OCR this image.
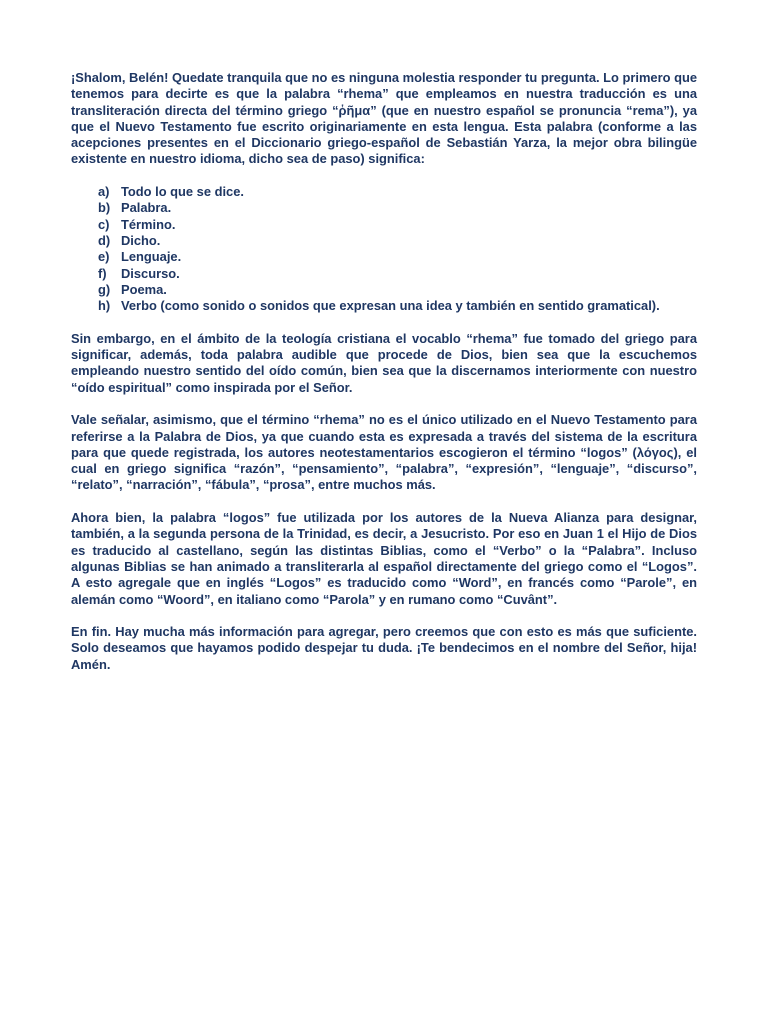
¡Shalom, Belén! Quedate tranquila que no es ninguna molestia responder tu pregunta. Lo primero que tenemos para decirte es que la palabra “rhema” que empleamos en nuestra traducción es una transliteración directa del término griego “ῥῆμα” (que en nuestro español se pronuncia “rema”), ya que el Nuevo Testamento fue escrito originariamente en esta lengua. Esta palabra (conforme a las acepciones presentes en el Diccionario griego-español de Sebastián Yarza, la mejor obra bilingüe existente en nuestro idioma, dicho sea de paso) significa:

a) Todo lo que se dice.
b) Palabra.
c) Término.
d) Dicho.
e) Lenguaje.
f)	Discurso.
g) Poema.
h) Verbo (como sonido o sonidos que expresan una idea y también en sentido gramatical).

Sin embargo, en el ámbito de la teología cristiana el vocablo “rhema” fue tomado del griego para significar, además, toda palabra audible que procede de Dios, bien sea que la escuchemos empleando nuestro sentido del oído común, bien sea que la discernamos interiormente con nuestro “oído espiritual” como inspirada por el Señor.

Vale señalar, asimismo, que el término “rhema” no es el único utilizado en el Nuevo Testamento para referirse a la Palabra de Dios, ya que cuando esta es expresada a través del sistema de la escritura para que quede registrada, los autores neotestamentarios escogieron el término “logos” (λόγος), el cual en griego significa “razón”, “pensamiento”, “palabra”, “expresión”, “lenguaje”, “discurso”, “relato”, “narración”, “fábula”, “prosa”, entre muchos más.

Ahora bien, la palabra “logos” fue utilizada por los autores de la Nueva Alianza para designar, también, a la segunda persona de la Trinidad, es decir, a Jesucristo. Por eso en Juan 1 el Hijo de Dios es traducido al castellano, según las distintas Biblias, como el “Verbo” o la “Palabra”. Incluso algunas Biblias se han animado a transliterarla al español directamente del griego como el “Logos”. A esto agregale que en inglés “Logos” es traducido como “Word”, en francés como “Parole”, en alemán como “Woord”, en italiano como “Parola” y en rumano como “Cuvânt”.

En fin. Hay mucha más información para agregar, pero creemos que con esto es más que suficiente. Solo deseamos que hayamos podido despejar tu duda. ¡Te bendecimos en el nombre del Señor, hija! Amén.
